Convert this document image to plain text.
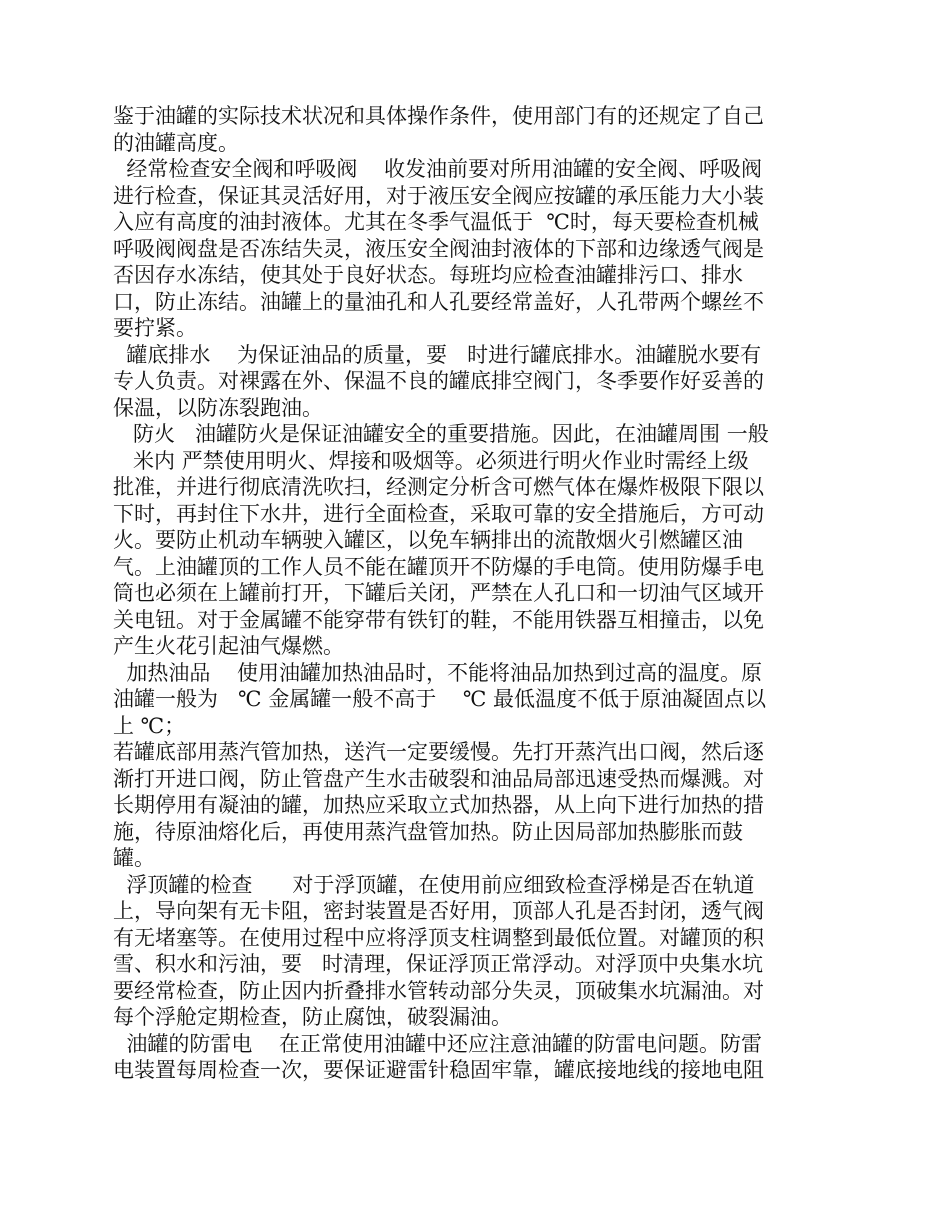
鉴于油罐的实际技术状况和具体操作条件，使用部门有的还规定了自己
的油罐高度。
经常检查安全阀和呼吸阀    收发油前要对所用油罐的安全阀、呼吸阀
进行检查，保证其灵活好用，对于液压安全阀应按罐的承压能力大小装
入应有高度的油封液体。尤其在冬季气温低于  ℃时，每天要检查机械
呼吸阀阀盘是否冻结失灵，液压安全阀油封液体的下部和边缘透气阀是
否因存水冻结，使其处于良好状态。每班均应检查油罐排污口、排水
口，防止冻结。油罐上的量油孔和人孔要经常盖好，人孔带两个螺丝不
要拧紧。
罐底排水    为保证油品的质量，要   时进行罐底排水。油罐脱水要有
专人负责。对裸露在外、保温不良的罐底排空阀门，冬季要作好妥善的
保温，以防冻裂跑油。
防火   油罐防火是保证油罐安全的重要措施。因此，在油罐周围 一般
米内 严禁使用明火、焊接和吸烟等。必须进行明火作业时需经上级
批准，并进行彻底清洗吹扫，经测定分析含可燃气体在爆炸极限下限以
下时，再封住下水井，进行全面检查，采取可靠的安全措施后，方可动
火。要防止机动车辆驶入罐区，以免车辆排出的流散烟火引燃罐区油
气。上油罐顶的工作人员不能在罐顶开不防爆的手电筒。使用防爆手电
筒也必须在上罐前打开，下罐后关闭，严禁在人孔口和一切油气区域开
关电钮。对于金属罐不能穿带有铁钉的鞋，不能用铁器互相撞击，以免
产生火花引起油气爆燃。
加热油品    使用油罐加热油品时，不能将油品加热到过高的温度。原
油罐一般为   ℃ 金属罐一般不高于    ℃ 最低温度不低于原油凝固点以
上 ℃；
若罐底部用蒸汽管加热，送汽一定要缓慢。先打开蒸汽出口阀，然后逐
渐打开进口阀，防止管盘产生水击破裂和油品局部迅速受热而爆溅。对
长期停用有凝油的罐，加热应采取立式加热器，从上向下进行加热的措
施，待原油熔化后，再使用蒸汽盘管加热。防止因局部加热膨胀而鼓
罐。
浮顶罐的检查      对于浮顶罐，在使用前应细致检查浮梯是否在轨道
上，导向架有无卡阻，密封装置是否好用，顶部人孔是否封闭，透气阀
有无堵塞等。在使用过程中应将浮顶支柱调整到最低位置。对罐顶的积
雪、积水和污油，要   时清理，保证浮顶正常浮动。对浮顶中央集水坑
要经常检查，防止因内折叠排水管转动部分失灵，顶破集水坑漏油。对
每个浮舱定期检查，防止腐蚀，破裂漏油。
油罐的防雷电    在正常使用油罐中还应注意油罐的防雷电问题。防雷
电装置每周检查一次，要保证避雷针稳固牢靠，罐底接地线的接地电阻
